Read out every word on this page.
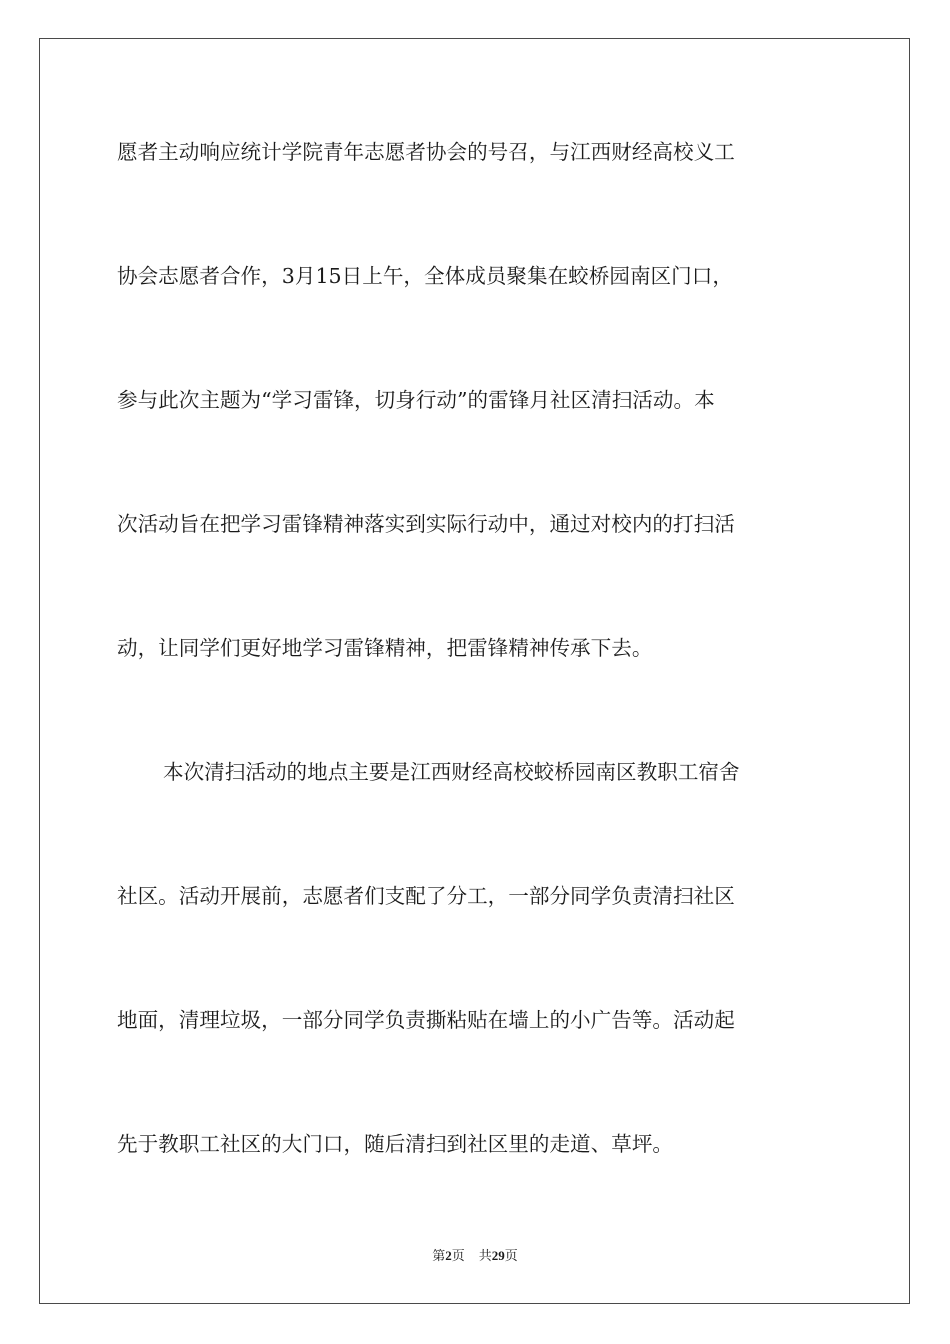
愿者主动响应统计学院青年志愿者协会的号召，与江西财经高校义工
协会志愿者合作，3月15日上午，全体成员聚集在蛟桥园南区门口，
参与此次主题为“学习雷锋，切身行动”的雷锋月社区清扫活动。本
次活动旨在把学习雷锋精神落实到实际行动中，通过对校内的打扫活
动，让同学们更好地学习雷锋精神，把雷锋精神传承下去。
本次清扫活动的地点主要是江西财经高校蛟桥园南区教职工宿舍
社区。活动开展前，志愿者们支配了分工，一部分同学负责清扫社区
地面，清理垃圾，一部分同学负责撕粘贴在墙上的小广告等。活动起
先于教职工社区的大门口，随后清扫到社区里的走道、草坪。
第2页 共29页
